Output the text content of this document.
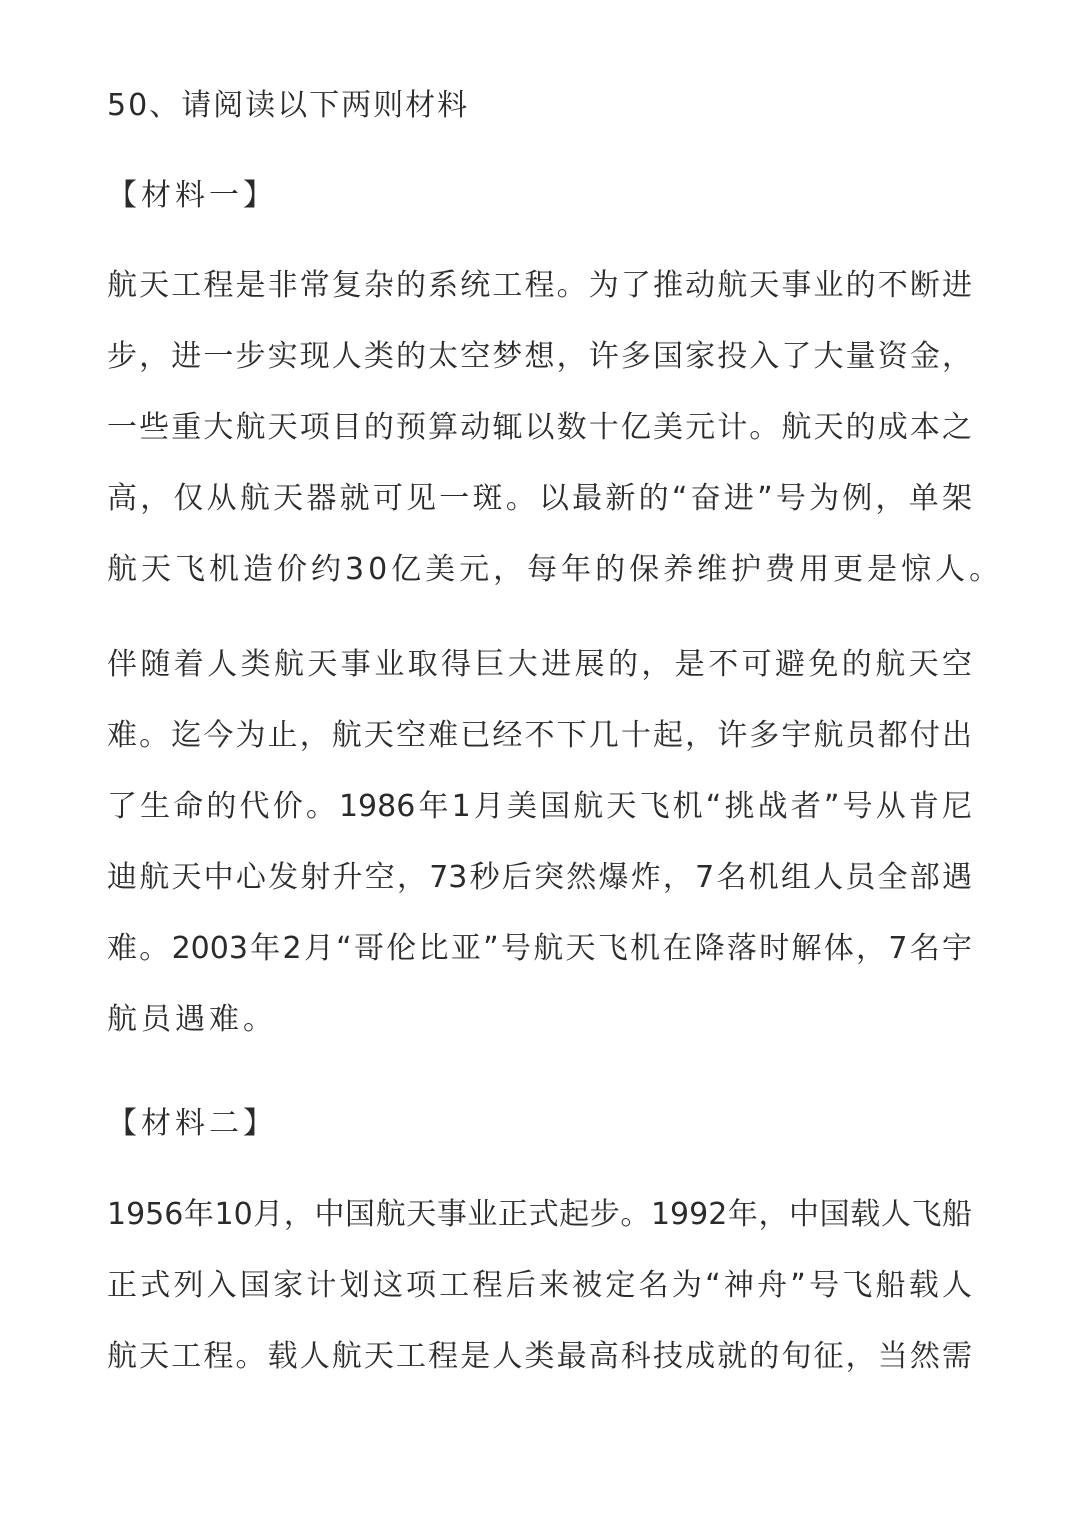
50、请阅读以下两则材料
【材料一】
航天工程是非常复杂的系统工程。为了推动航天事业的不断进
步，进一步实现人类的太空梦想，许多国家投入了大量资金，
一些重大航天项目的预算动辄以数十亿美元计。航天的成本之
高，仅从航天器就可见一斑。以最新的“奋进”号为例，单架
航天飞机造价约30亿美元，每年的保养维护费用更是惊人。
伴随着人类航天事业取得巨大进展的，是不可避免的航天空
难。迄今为止，航天空难已经不下几十起，许多宇航员都付出
了生命的代价。1986年1月美国航天飞机“挑战者”号从肯尼
迪航天中心发射升空，73秒后突然爆炸，7名机组人员全部遇
难。2003年2月“哥伦比亚”号航天飞机在降落时解体，7名宇
航员遇难。
【材料二】
1956年10月，中国航天事业正式起步。1992年，中国载人飞船
正式列入国家计划这项工程后来被定名为“神舟”号飞船载人
航天工程。载人航天工程是人类最高科技成就的旬征，当然需
